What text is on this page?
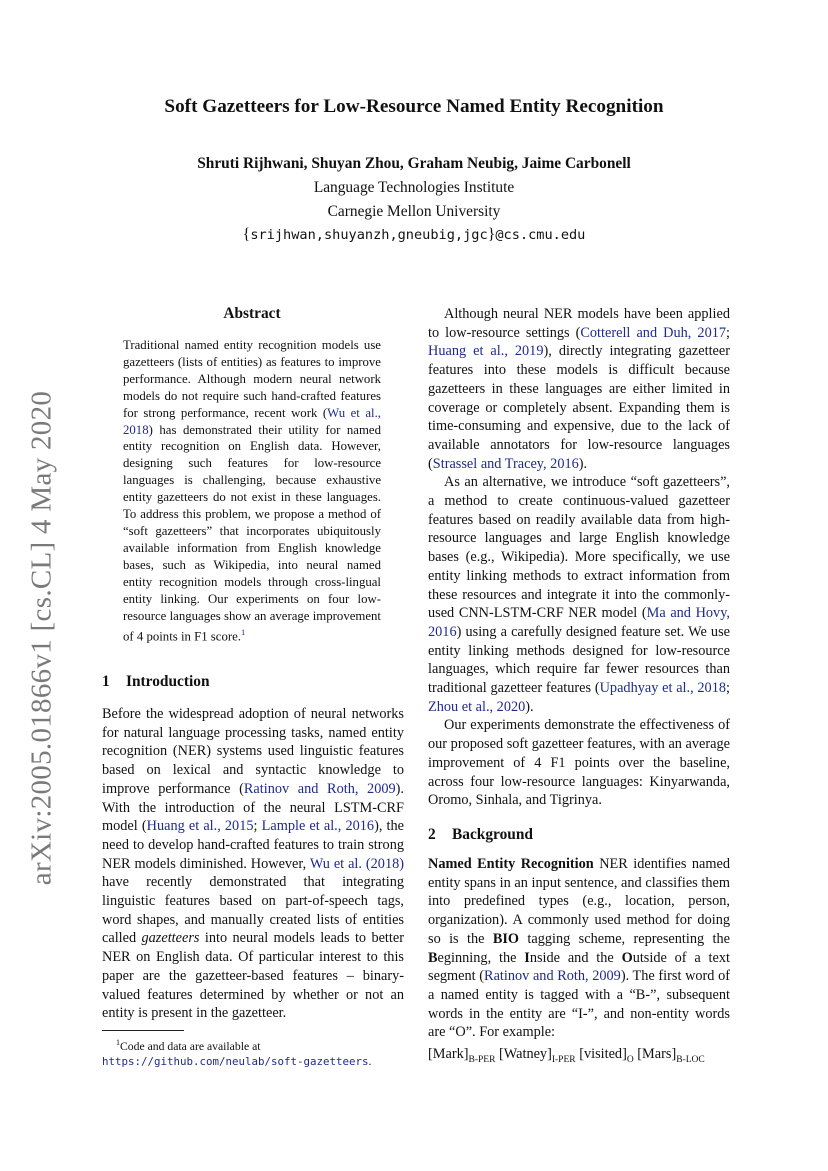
arXiv:2005.01866v1 [cs.CL] 4 May 2020
Soft Gazetteers for Low-Resource Named Entity Recognition
Shruti Rijhwani, Shuyan Zhou, Graham Neubig, Jaime Carbonell
Language Technologies Institute
Carnegie Mellon University
{srijhwan,shuyanzh,gneubig,jgc}@cs.cmu.edu
Abstract

Traditional named entity recognition models use gazetteers (lists of entities) as features to improve performance. Although modern neural network models do not require such hand-crafted features for strong performance, recent work (Wu et al., 2018) has demonstrated their utility for named entity recognition on English data. However, designing such features for low-resource languages is challenging, because exhaustive entity gazetteers do not exist in these languages. To address this problem, we propose a method of “soft gazetteers” that incorporates ubiquitously available information from English knowledge bases, such as Wikipedia, into neural named entity recognition models through cross-lingual entity linking. Our experiments on four low-resource languages show an average improvement of 4 points in F1 score.$^1$

1 Introduction

Before the widespread adoption of neural networks for natural language processing tasks, named entity recognition (NER) systems used linguistic features based on lexical and syntactic knowledge to improve performance (Ratinov and Roth, 2009). With the introduction of the neural LSTM-CRF model (Huang et al., 2015; Lample et al., 2016), the need to develop hand-crafted features to train strong NER models diminished. However, Wu et al. (2018) have recently demonstrated that integrating linguistic features based on part-of-speech tags, word shapes, and manually created lists of entities called gazetteers into neural models leads to better NER on English data. Of particular interest to this paper are the gazetteer-based features – binary-valued features determined by whether or not an entity is present in the gazetteer.

$^1$Code and data are available at https://github.com/neulab/soft-gazetteers.

Although neural NER models have been applied to low-resource settings (Cotterell and Duh, 2017; Huang et al., 2019), directly integrating gazetteer features into these models is difficult because gazetteers in these languages are either limited in coverage or completely absent. Expanding them is time-consuming and expensive, due to the lack of available annotators for low-resource languages (Strassel and Tracey, 2016).

As an alternative, we introduce “soft gazetteers”, a method to create continuous-valued gazetteer features based on readily available data from high-resource languages and large English knowledge bases (e.g., Wikipedia). More specifically, we use entity linking methods to extract information from these resources and integrate it into the commonly-used CNN-LSTM-CRF NER model (Ma and Hovy, 2016) using a carefully designed feature set. We use entity linking methods designed for low-resource languages, which require far fewer resources than traditional gazetteer features (Upadhyay et al., 2018; Zhou et al., 2020).

Our experiments demonstrate the effectiveness of our proposed soft gazetteer features, with an average improvement of 4 F1 points over the baseline, across four low-resource languages: Kinyarwanda, Oromo, Sinhala, and Tigrinya.

2 Background

Named Entity Recognition NER identifies named entity spans in an input sentence, and classifies them into predefined types (e.g., location, person, organization). A commonly used method for doing so is the BIO tagging scheme, representing the Beginning, the Inside and the Outside of a text segment (Ratinov and Roth, 2009). The first word of a named entity is tagged with a “B-”, subsequent words in the entity are “I-”, and non-entity words are “O”. For example:

$[Mark]_{B-PER}$ $[Watney]_{I-PER}$ $[visited]_O$ $[Mars]_{B-LOC}$
